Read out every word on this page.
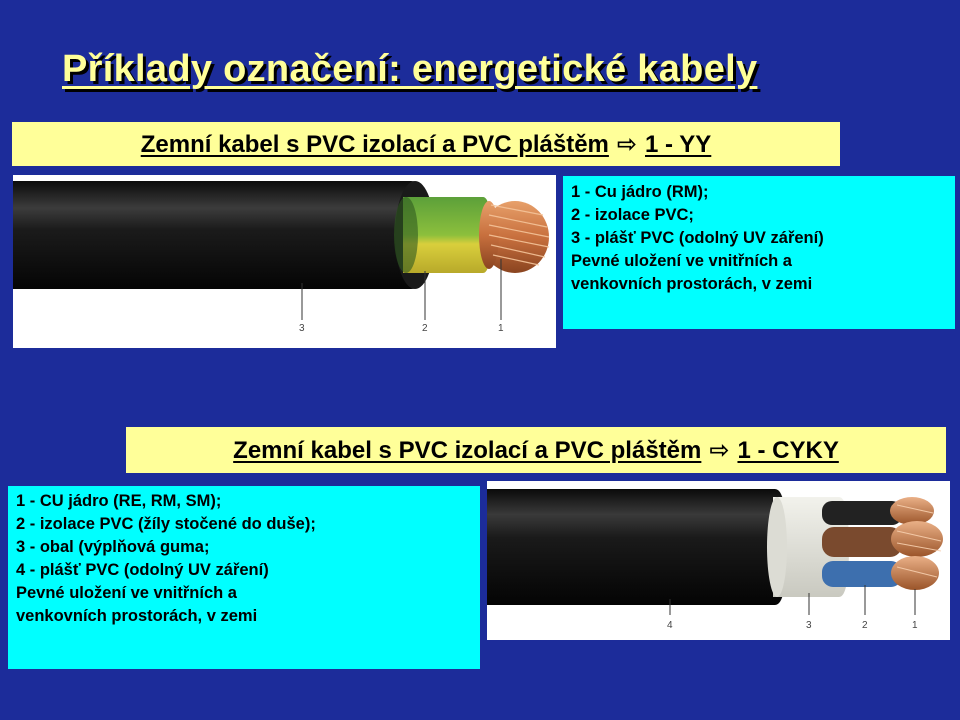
Příklady označení: energetické kabely
Zemní kabel s PVC izolací a PVC pláštěm ⇨ 1 - YY
3	2	1
1 - Cu jádro (RM);
2 - izolace PVC;
3 - plášť PVC (odolný UV záření)
Pevné uložení ve vnitřních a
venkovních prostorách, v zemi
Zemní kabel s PVC izolací a PVC pláštěm ⇨ 1 - CYKY
1 - CU jádro (RE, RM, SM);
2 - izolace PVC (žíly stočené do duše);
3 - obal (výplňová guma;
4 - plášť PVC (odolný UV záření)
Pevné uložení ve vnitřních a
venkovních prostorách, v zemi
4	3	2	1
